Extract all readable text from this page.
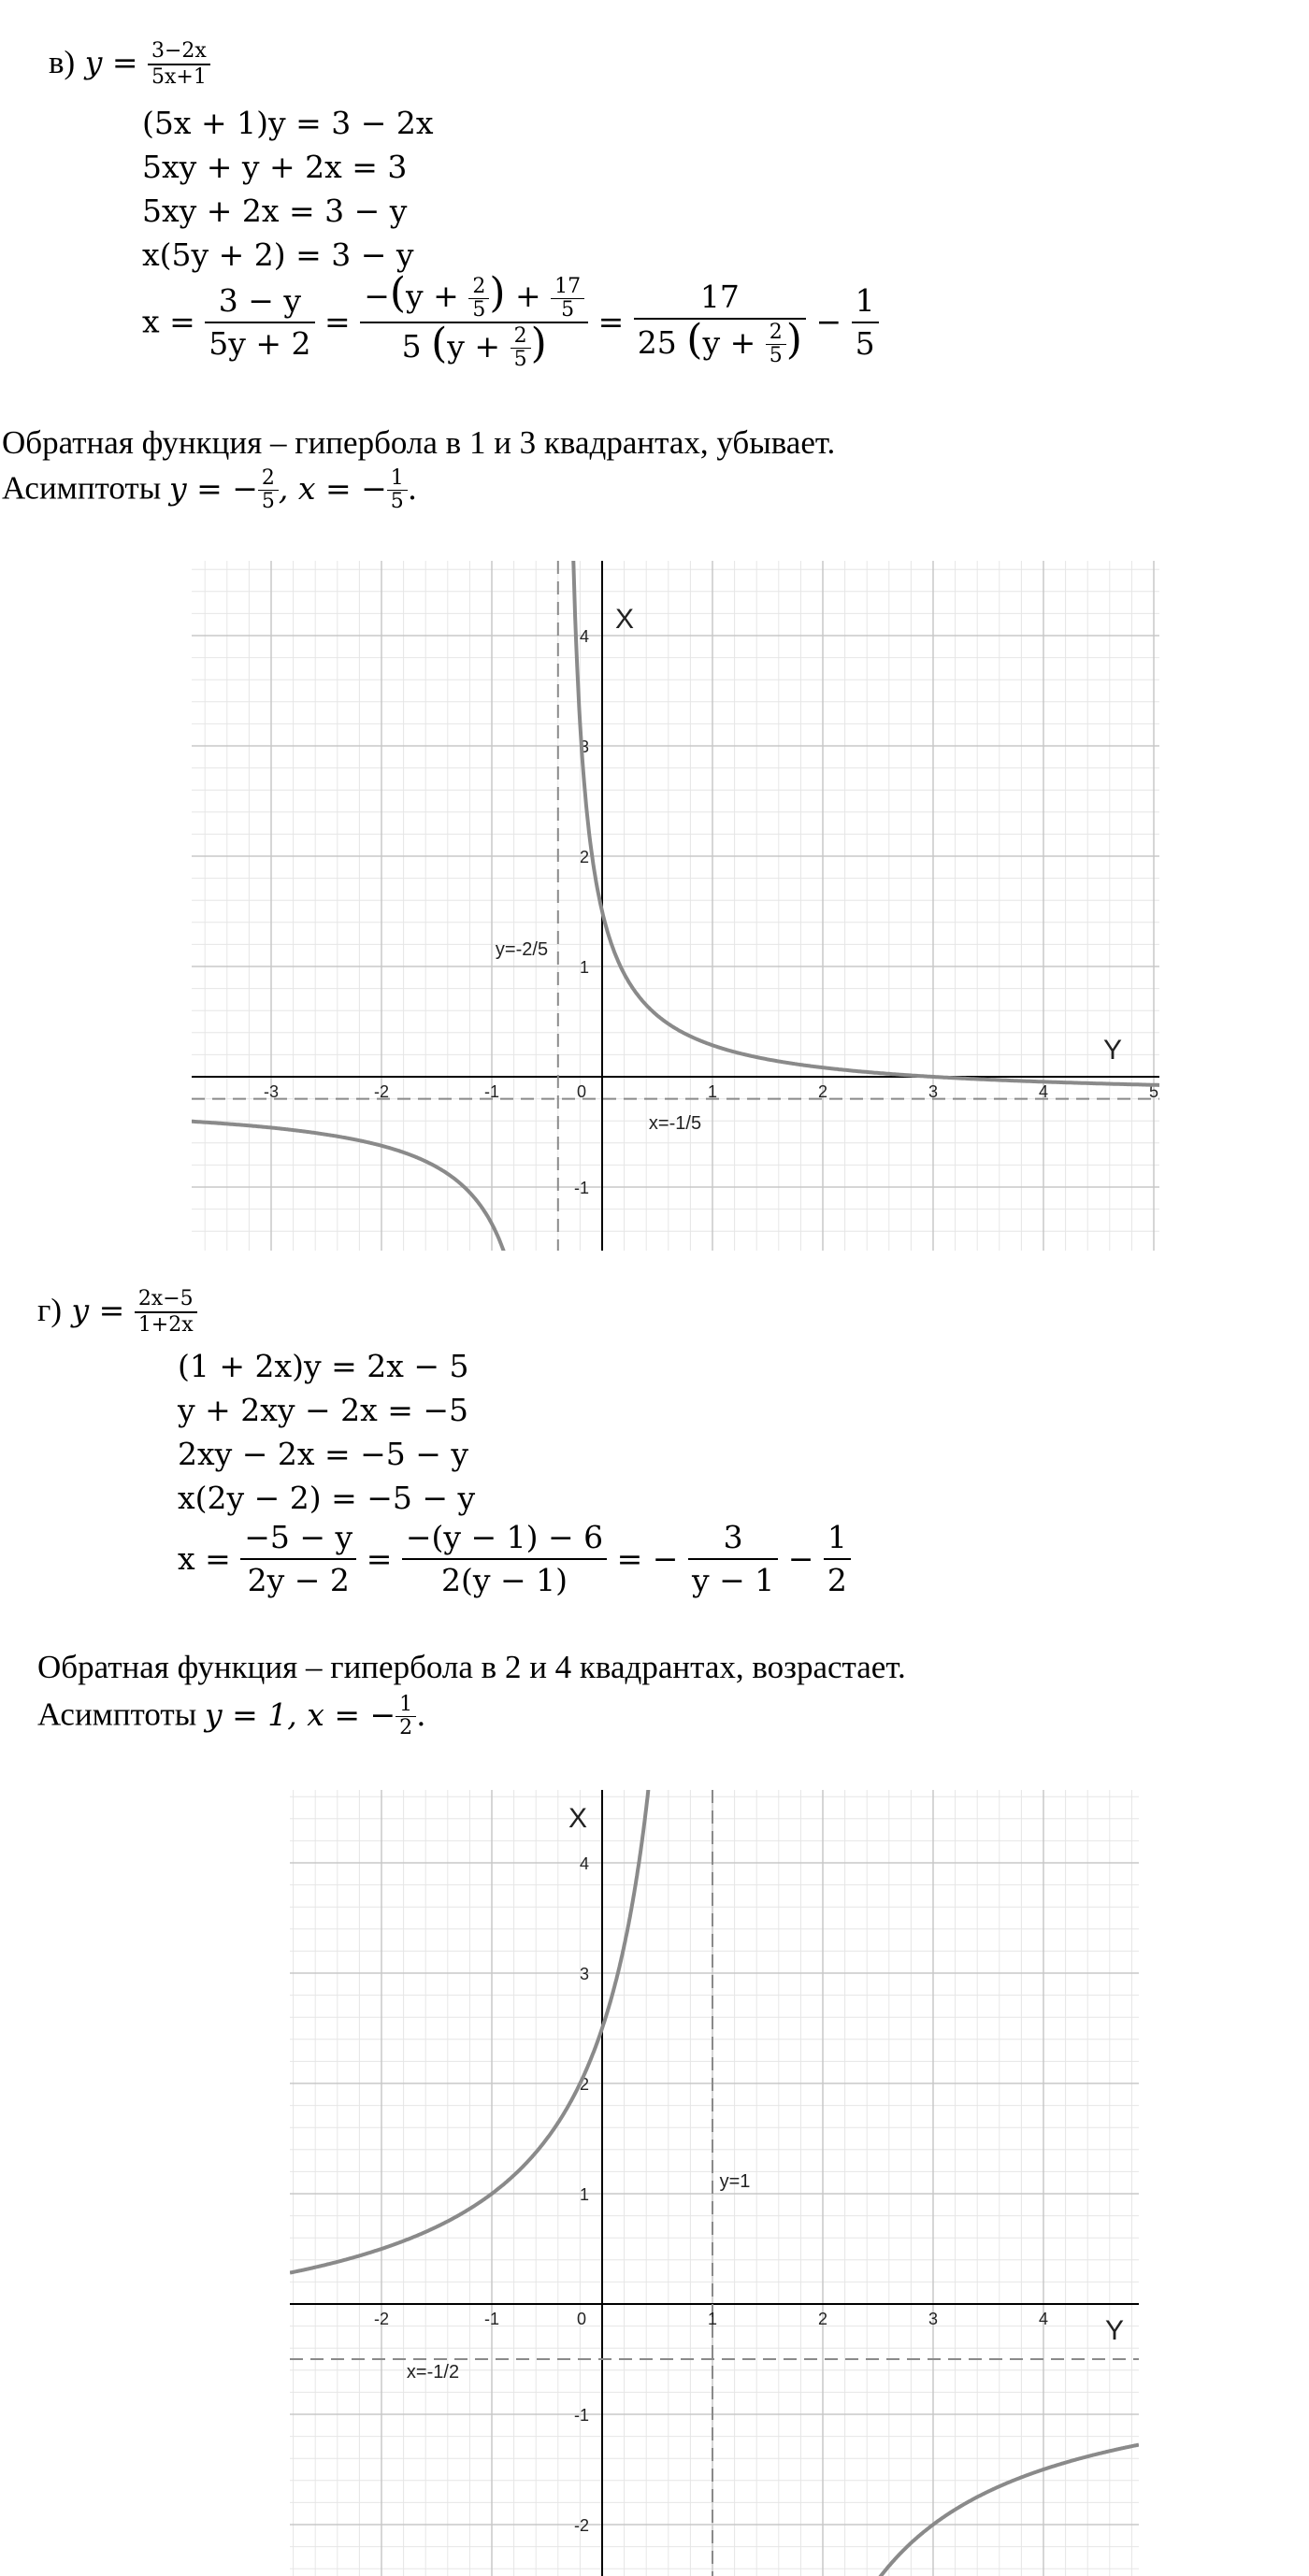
в) $y = \frac{3-2x}{5x+1}$
(5x + 1)y = 3 − 2x
5xy + y + 2x = 3
5xy + 2x = 3 − y
x(5y + 2) = 3 − y
$x = \frac{3 - y}{5y + 2} = \frac{-(y + \frac{2}{5} ) + \frac{17}{5}}{5 (y + \frac{2}{5} )} = \frac{17}{25 (y + \frac{2}{5} )} - \frac{1}{5}$
Обратная функция – гипербола в 1 и 3 квадрантах, убывает.
Асимптоты y = − $\frac{2}{5}$ , x = − $\frac{1}{5}$ .
-3	-2	-1	0	1	2	3	4	5
4
3
2
1
-1
X
Y
y=-2/5
x=-1/5
-2	-1	0	1	2	3	4
4
3
2
1
-1
-2
X
Y
y=1
x=-1/2
г) $y = \frac{2x-5}{1+2x}$
(1 + 2x)y = 2x − 5
y + 2xy − 2x = −5
2xy − 2x = −5 − y
x(2y − 2) = −5 − y
$x = \frac{-5 - y}{2y - 2} = \frac{-(y - 1) - 6}{2(y - 1)}$ = − $\frac{3}{y - 1} - \frac{1}{2}$
Обратная функция – гипербола в 2 и 4 квадрантах, возрастает.
Асимптоты y = 1, x = − $\frac{1}{2}$ .
